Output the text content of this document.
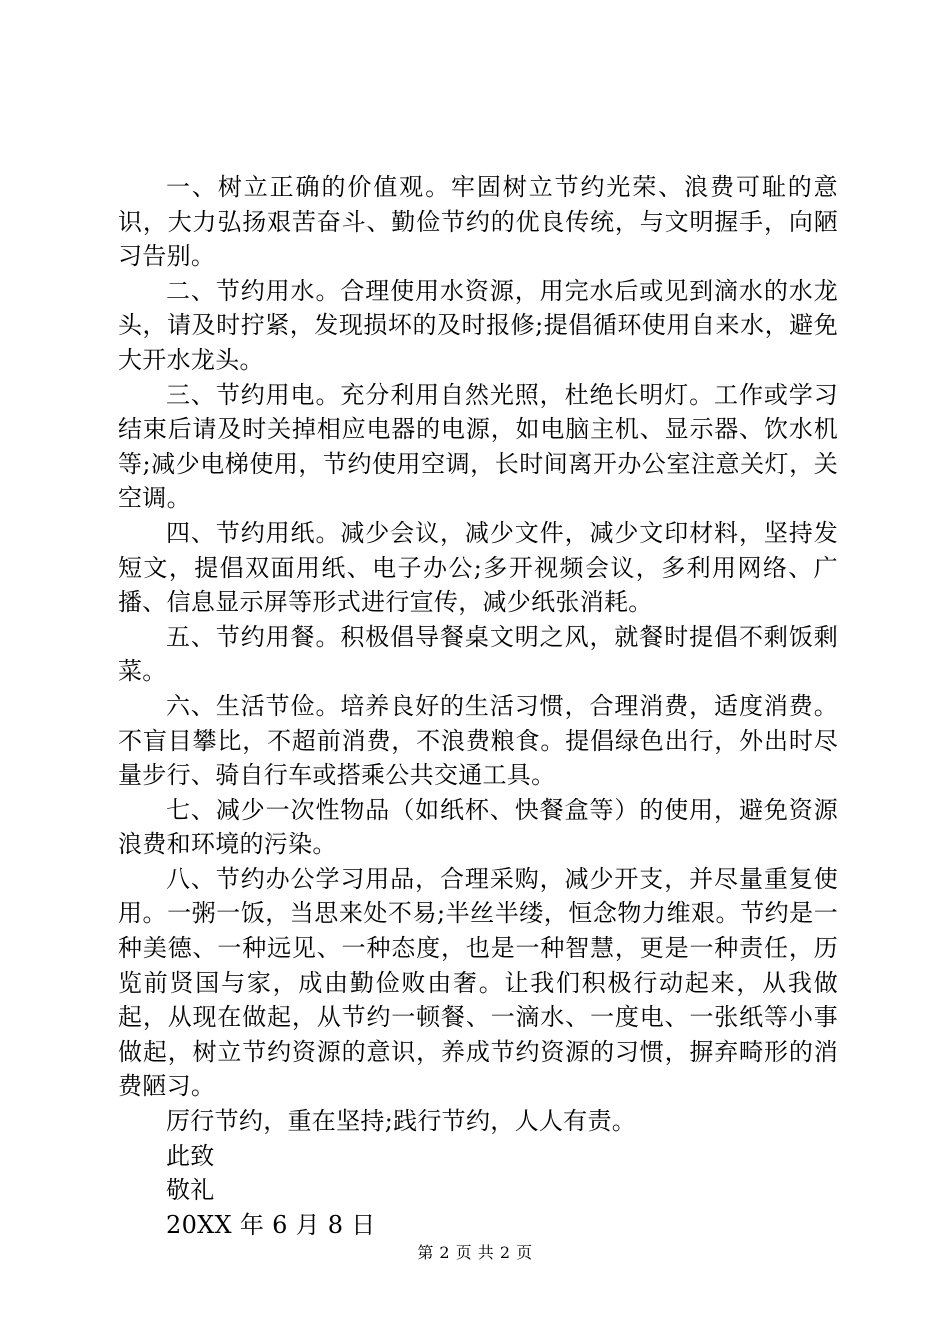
一、树立正确的价值观。牢固树立节约光荣、浪费可耻的意识，大力弘扬艰苦奋斗、勤俭节约的优良传统，与文明握手，向陋习告别。

二、节约用水。合理使用水资源，用完水后或见到滴水的水龙头，请及时拧紧，发现损坏的及时报修;提倡循环使用自来水，避免大开水龙头。

三、节约用电。充分利用自然光照，杜绝长明灯。工作或学习结束后请及时关掉相应电器的电源，如电脑主机、显示器、饮水机等;减少电梯使用，节约使用空调，长时间离开办公室注意关灯，关空调。

四、节约用纸。减少会议，减少文件，减少文印材料，坚持发短文，提倡双面用纸、电子办公;多开视频会议，多利用网络、广播、信息显示屏等形式进行宣传，减少纸张消耗。

五、节约用餐。积极倡导餐桌文明之风，就餐时提倡不剩饭剩菜。

六、生活节俭。培养良好的生活习惯，合理消费，适度消费。不盲目攀比，不超前消费，不浪费粮食。提倡绿色出行，外出时尽量步行、骑自行车或搭乘公共交通工具。

七、减少一次性物品（如纸杯、快餐盒等）的使用，避免资源浪费和环境的污染。

八、节约办公学习用品，合理采购，减少开支，并尽量重复使用。一粥一饭，当思来处不易;半丝半缕，恒念物力维艰。节约是一种美德、一种远见、一种态度，也是一种智慧，更是一种责任，历览前贤国与家，成由勤俭败由奢。让我们积极行动起来，从我做起，从现在做起，从节约一顿餐、一滴水、一度电、一张纸等小事做起，树立节约资源的意识，养成节约资源的习惯，摒弃畸形的消费陋习。

厉行节约，重在坚持;践行节约，人人有责。

此致

敬礼

20XX 年 6 月 8 日

第 2 页 共 2 页
